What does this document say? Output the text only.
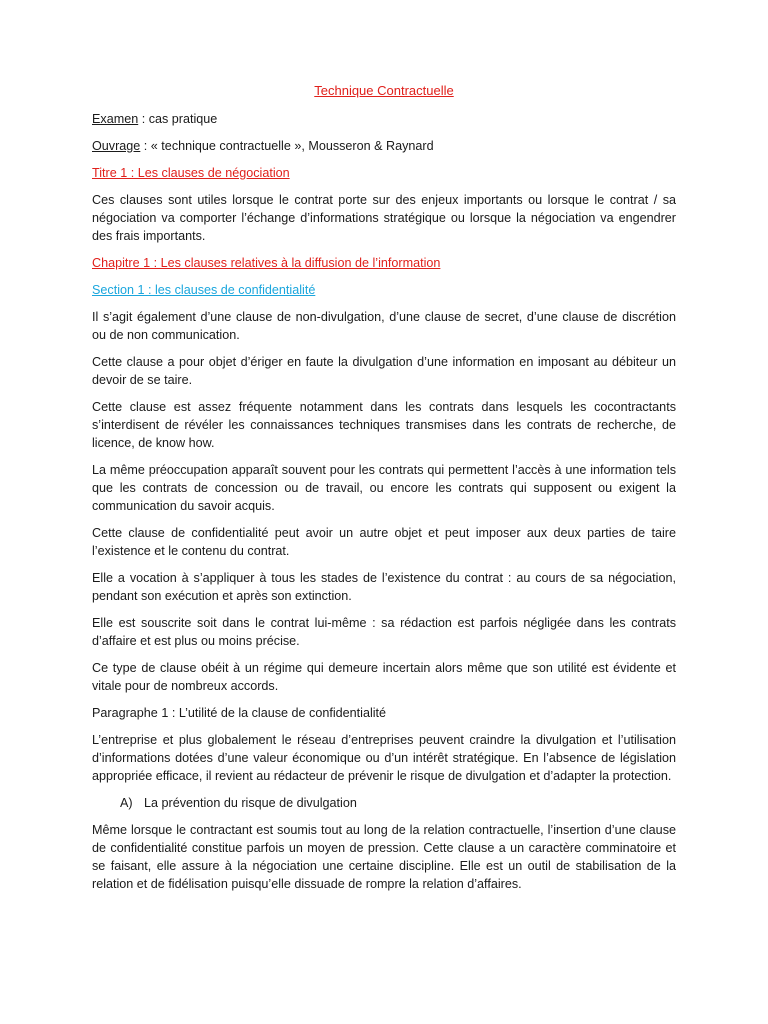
Technique Contractuelle

Examen : cas pratique

Ouvrage : « technique contractuelle », Mousseron & Raynard

Titre 1 : Les clauses de négociation

Ces clauses sont utiles lorsque le contrat porte sur des enjeux importants ou lorsque le contrat / sa négociation va comporter l’échange d’informations stratégique ou lorsque la négociation va engendrer des frais importants.

Chapitre 1 : Les clauses relatives à la diffusion de l’information

Section 1 : les clauses de confidentialité

Il s’agit également d’une clause de non-divulgation, d’une clause de secret, d’une clause de discrétion ou de non communication.

Cette clause a pour objet d’ériger en faute la divulgation d’une information en imposant au débiteur un devoir de se taire.

Cette clause est assez fréquente notamment dans les contrats dans lesquels les cocontractants s’interdisent de révéler les connaissances techniques transmises dans les contrats de recherche, de licence, de know how.

La même préoccupation apparaît souvent pour les contrats qui permettent l’accès à une information tels que les contrats de concession ou de travail, ou encore les contrats qui supposent ou exigent la communication du savoir acquis.

Cette clause de confidentialité peut avoir un autre objet et peut imposer aux deux parties de taire l’existence et le contenu du contrat.

Elle a vocation à s’appliquer à tous les stades de l’existence du contrat : au cours de sa négociation, pendant son exécution et après son extinction.

Elle est souscrite soit dans le contrat lui-même : sa rédaction est parfois négligée dans les contrats d’affaire et est plus ou moins précise.

Ce type de clause obéit à un régime qui demeure incertain alors même que son utilité est évidente et vitale pour de nombreux accords.

Paragraphe 1 : L’utilité de la clause de confidentialité

L’entreprise et plus globalement le réseau d’entreprises peuvent craindre la divulgation et l’utilisation d’informations dotées d’une valeur économique ou d’un intérêt stratégique. En l’absence de législation appropriée efficace, il revient au rédacteur de prévenir le risque de divulgation et d’adapter la protection.

A) La prévention du risque de divulgation

Même lorsque le contractant est soumis tout au long de la relation contractuelle, l’insertion d’une clause de confidentialité constitue parfois un moyen de pression. Cette clause a un caractère comminatoire et se faisant, elle assure à la négociation une certaine discipline. Elle est un outil de stabilisation de la relation et de fidélisation puisqu’elle dissuade de rompre la relation d’affaires.
